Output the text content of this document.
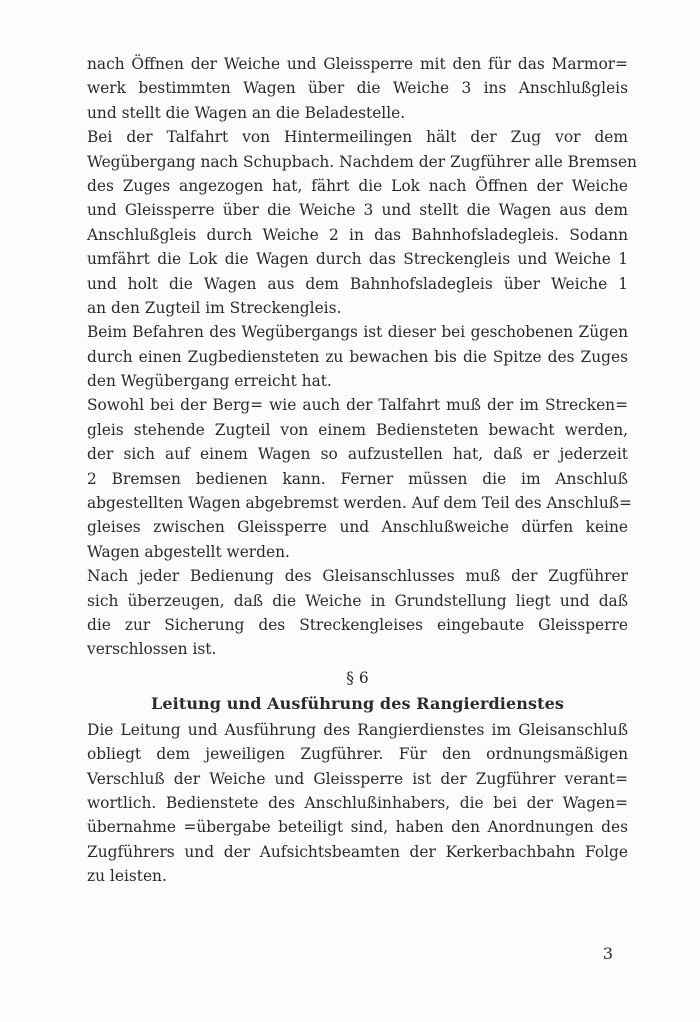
nach Öffnen der Weiche und Gleissperre mit den für das Marmor=
werk bestimmten Wagen über die Weiche 3 ins Anschlußgleis
und stellt die Wagen an die Beladestelle.
Bei der Talfahrt von Hintermeilingen hält der Zug vor dem
Wegübergang nach Schupbach. Nachdem der Zugführer alle Bremsen
des Zuges angezogen hat, fährt die Lok nach Öffnen der Weiche
und Gleissperre über die Weiche 3 und stellt die Wagen aus dem
Anschlußgleis durch Weiche 2 in das Bahnhofsladegleis. Sodann
umfährt die Lok die Wagen durch das Streckengleis und Weiche 1
und holt die Wagen aus dem Bahnhofsladegleis über Weiche 1
an den Zugteil im Streckengleis.
Beim Befahren des Wegübergangs ist dieser bei geschobenen Zügen
durch einen Zugbediensteten zu bewachen bis die Spitze des Zuges
den Wegübergang erreicht hat.
Sowohl bei der Berg= wie auch der Talfahrt muß der im Strecken=
gleis stehende Zugteil von einem Bediensteten bewacht werden,
der sich auf einem Wagen so aufzustellen hat, daß er jederzeit
2 Bremsen bedienen kann. Ferner müssen die im Anschluß
abgestellten Wagen abgebremst werden. Auf dem Teil des Anschluß=
gleises zwischen Gleissperre und Anschlußweiche dürfen keine
Wagen abgestellt werden.
Nach jeder Bedienung des Gleisanschlusses muß der Zugführer
sich überzeugen, daß die Weiche in Grundstellung liegt und daß
die zur Sicherung des Streckengleises eingebaute Gleissperre
verschlossen ist.
§ 6
Leitung und Ausführung des Rangierdienstes
Die Leitung und Ausführung des Rangierdienstes im Gleisanschluß
obliegt dem jeweiligen Zugführer. Für den ordnungsmäßigen
Verschluß der Weiche und Gleissperre ist der Zugführer verant=
wortlich. Bedienstete des Anschlußinhabers, die bei der Wagen=
übernahme =übergabe beteiligt sind, haben den Anordnungen des
Zugführers und der Aufsichtsbeamten der Kerkerbachbahn Folge
zu leisten.
3
